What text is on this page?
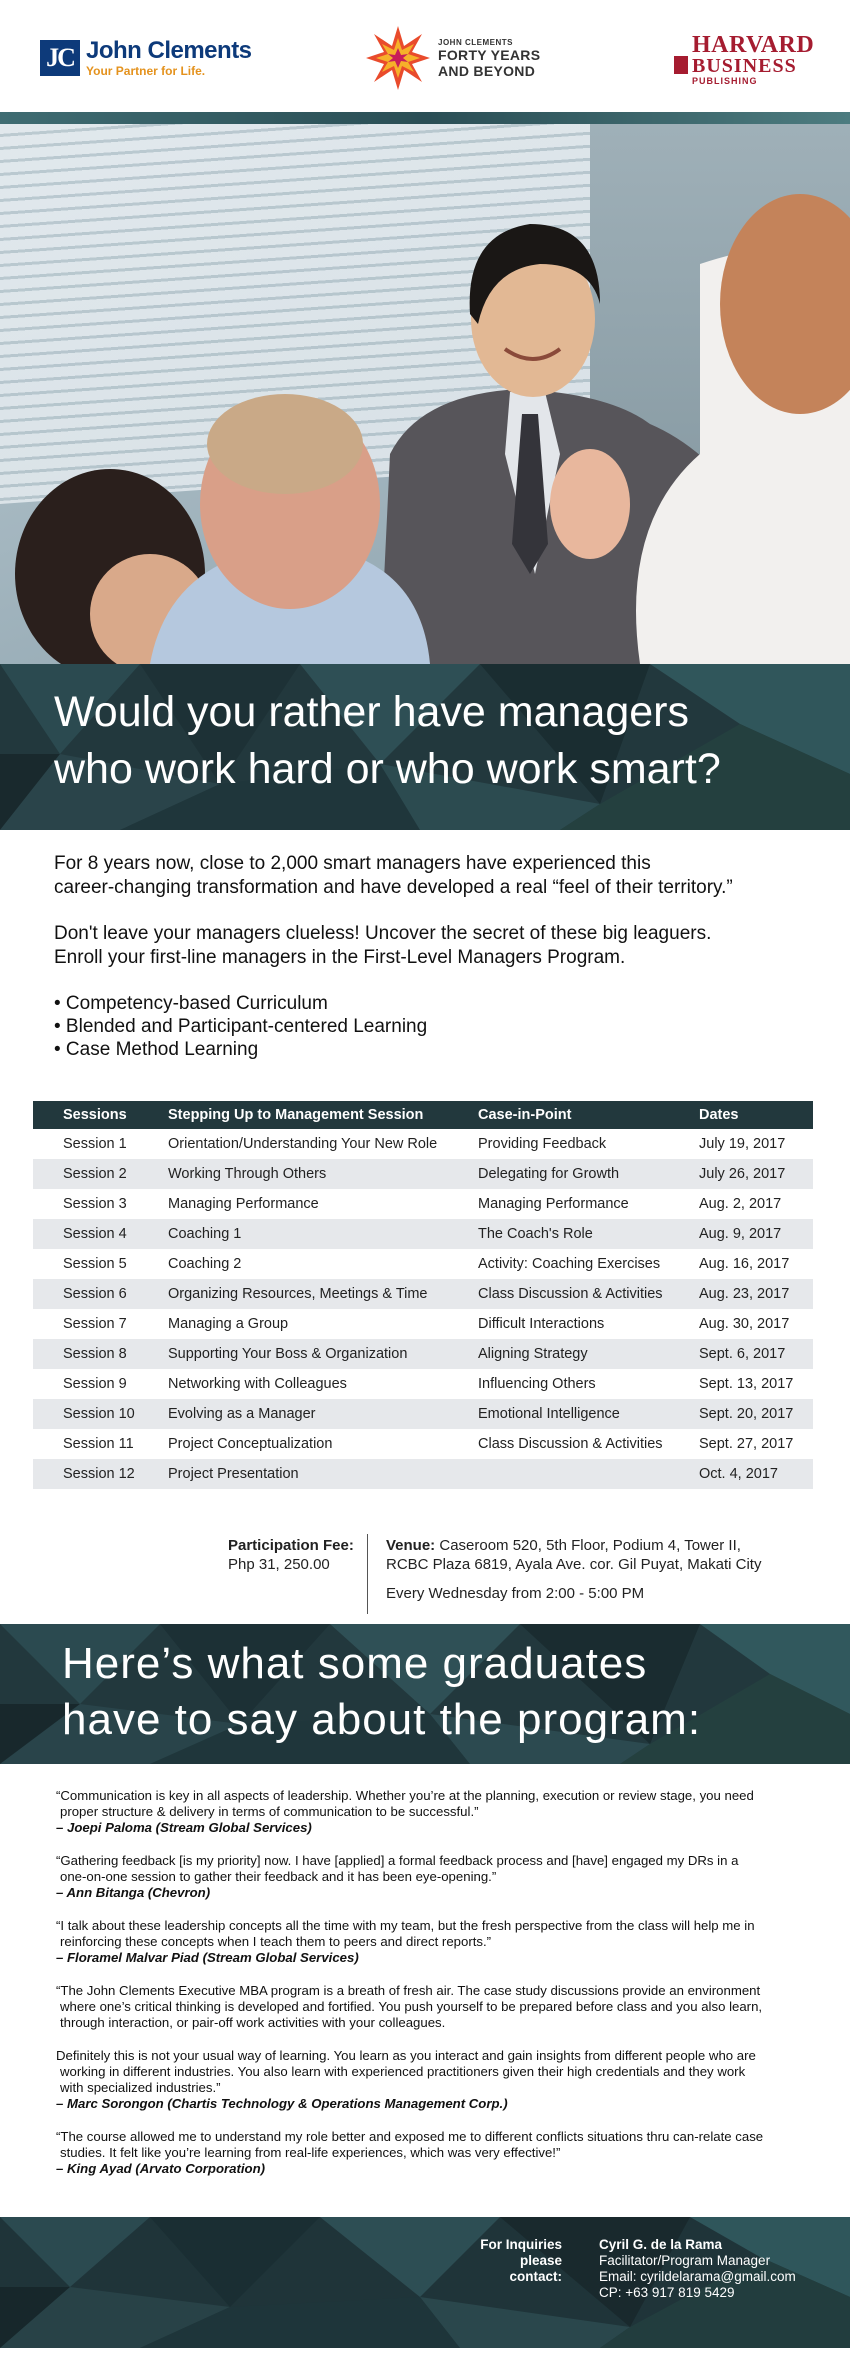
JC John Clements
Your Partner for Life.
JOHN CLEMENTS
FORTY YEARS
AND BEYOND
HARVARD
BUSINESS
PUBLISHING
Would you rather have managers
who work hard or who work smart?

For 8 years now, close to 2,000 smart managers have experienced this
career-changing transformation and have developed a real “feel of their territory.”

Don't leave your managers clueless! Uncover the secret of these big leaguers.
Enroll your first-line managers in the First-Level Managers Program.

• Competency-based Curriculum
• Blended and Participant-centered Learning
• Case Method Learning
Sessions	Stepping Up to Management Session	Case-in-Point	Dates
Session 1	Orientation/Understanding Your New Role	Providing Feedback	July 19, 2017
Session 2	Working Through Others	Delegating for Growth	July 26, 2017
Session 3	Managing Performance	Managing Performance	Aug. 2, 2017
Session 4	Coaching 1	The Coach's Role	Aug. 9, 2017
Session 5	Coaching 2	Activity: Coaching Exercises	Aug. 16, 2017
Session 6	Organizing Resources, Meetings & Time	Class Discussion & Activities	Aug. 23, 2017
Session 7	Managing a Group	Difficult Interactions	Aug. 30, 2017
Session 8	Supporting Your Boss & Organization	Aligning Strategy	Sept. 6, 2017
Session 9	Networking with Colleagues	Influencing Others	Sept. 13, 2017
Session 10	Evolving as a Manager	Emotional Intelligence	Sept. 20, 2017
Session 11	Project Conceptualization	Class Discussion & Activities	Sept. 27, 2017
Session 12	Project Presentation		Oct. 4, 2017
Participation Fee:
Php 31, 250.00
Venue: Caseroom 520, 5th Floor, Podium 4, Tower II,
RCBC Plaza 6819, Ayala Ave. cor. Gil Puyat, Makati City
Every Wednesday from 2:00 - 5:00 PM
Here’s what some graduates
have to say about the program:
“Communication is key in all aspects of leadership. Whether you’re at the planning, execution or review stage, you need
proper structure & delivery in terms of communication to be successful.”
– Joepi Paloma (Stream Global Services)
“Gathering feedback [is my priority] now. I have [applied] a formal feedback process and [have] engaged my DRs in a
one-on-one session to gather their feedback and it has been eye-opening.”
– Ann Bitanga (Chevron)
“I talk about these leadership concepts all the time with my team, but the fresh perspective from the class will help me in
reinforcing these concepts when I teach them to peers and direct reports.”
– Floramel Malvar Piad (Stream Global Services)
“The John Clements Executive MBA program is a breath of fresh air. The case study discussions provide an environment
where one’s critical thinking is developed and fortified. You push yourself to be prepared before class and you also learn,
through interaction, or pair-off work activities with your colleagues.
Definitely this is not your usual way of learning. You learn as you interact and gain insights from different people who are
working in different industries. You also learn with experienced practitioners given their high credentials and they work
with specialized industries.”
– Marc Sorongon (Chartis Technology & Operations Management Corp.)
“The course allowed me to understand my role better and exposed me to different conflicts situations thru can-relate case
studies. It felt like you’re learning from real-life experiences, which was very effective!”
– King Ayad (Arvato Corporation)
For Inquiries
please contact:
Cyril G. de la Rama
Facilitator/Program Manager
Email: cyrildelarama@gmail.com
CP: +63 917 819 5429
